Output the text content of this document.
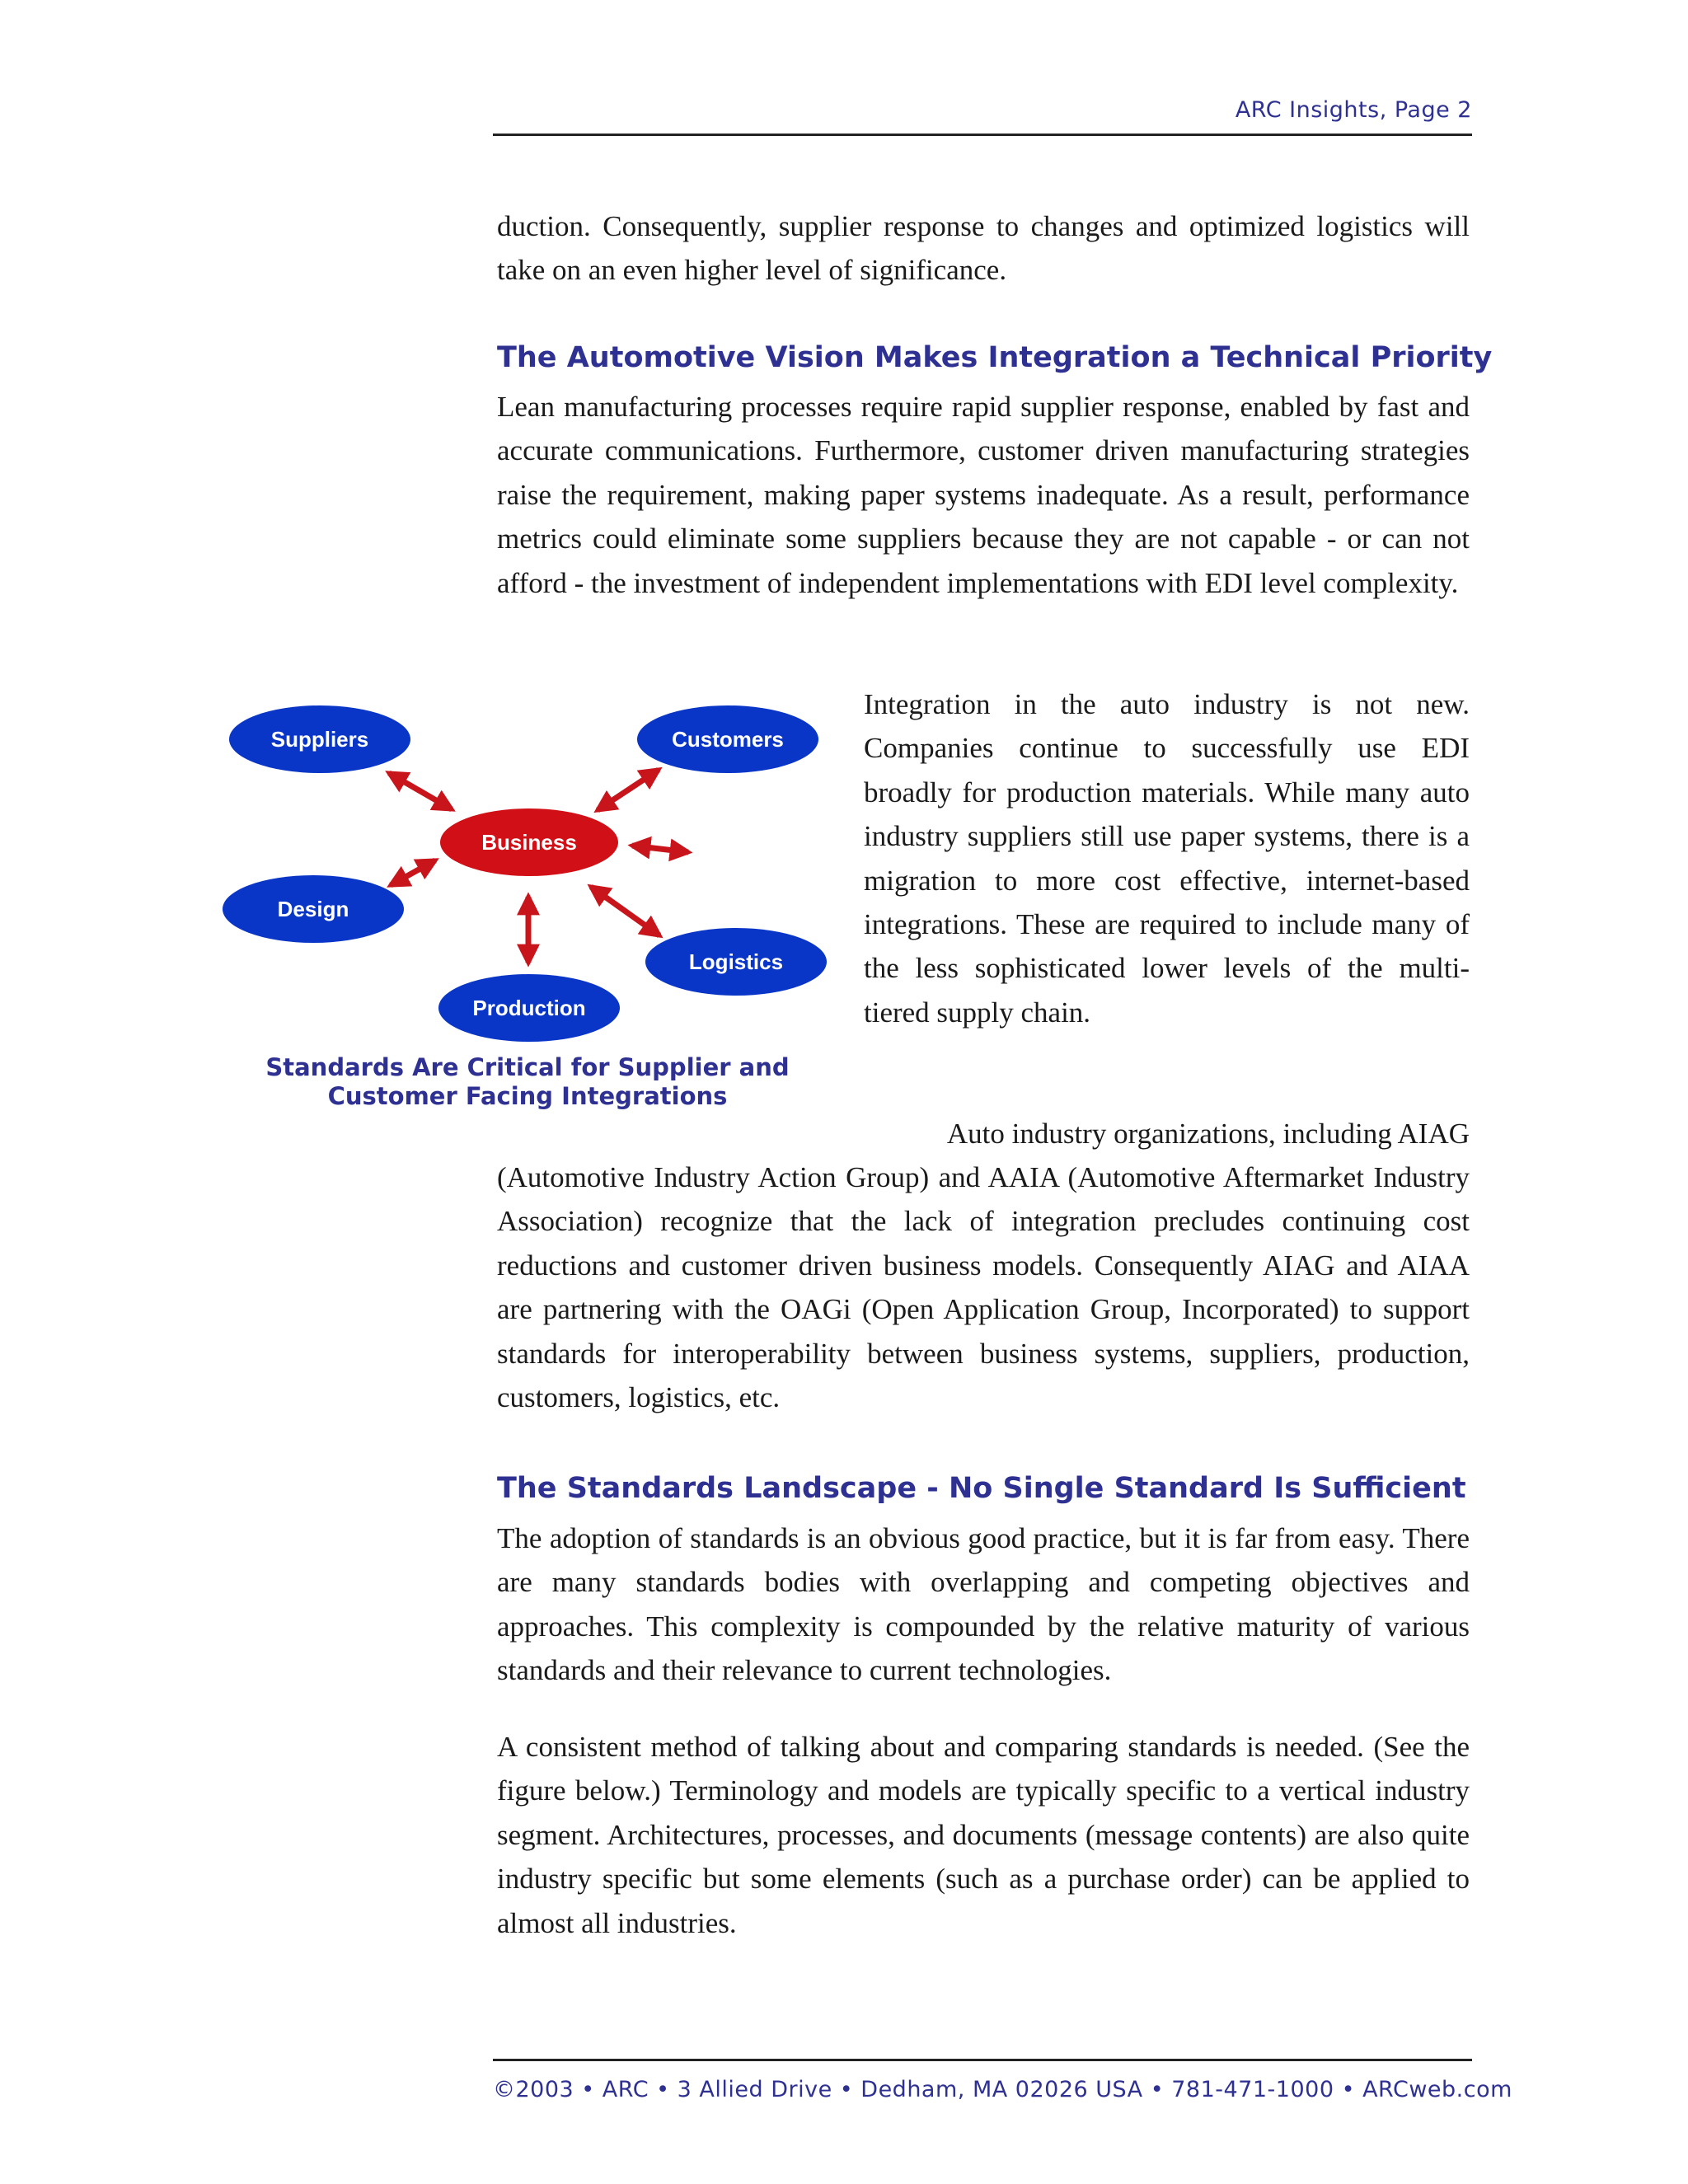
ARC Insights, Page 2

duction. Consequently, supplier response to changes and optimized logistics will take on an even higher level of significance.

The Automotive Vision Makes Integration a Technical Priority

Lean manufacturing processes require rapid supplier response, enabled by fast and accurate communications. Furthermore, customer driven manufacturing strategies raise the requirement, making paper systems inadequate. As a result, performance metrics could eliminate some suppliers because they are not capable - or can not afford - the investment of independent implementations with EDI level complexity.

Suppliers	Customers
Business
Design
Logistics
Production
Standards Are Critical for Supplier and
Customer Facing Integrations

Integration in the auto industry is not new. Companies continue to successfully use EDI broadly for production materials. While many auto industry suppliers still use paper systems, there is a migration to more cost effective, internet-based integrations. These are required to include many of the less sophisticated lower levels of the multi-tiered supply chain.

Auto industry organizations, including AIAG

(Automotive Industry Action Group) and AAIA (Automotive Aftermarket Industry Association) recognize that the lack of integration precludes continuing cost reductions and customer driven business models. Consequently AIAG and AIAA are partnering with the OAGi (Open Application Group, Incorporated) to support standards for interoperability between business systems, suppliers, production, customers, logistics, etc.

The Standards Landscape - No Single Standard Is Sufficient

The adoption of standards is an obvious good practice, but it is far from easy. There are many standards bodies with overlapping and competing objectives and approaches. This complexity is compounded by the relative maturity of various standards and their relevance to current technologies.

A consistent method of talking about and comparing standards is needed. (See the figure below.) Terminology and models are typically specific to a vertical industry segment. Architectures, processes, and documents (message contents) are also quite industry specific but some elements (such as a purchase order) can be applied to almost all industries.

©2003 • ARC • 3 Allied Drive • Dedham, MA 02026 USA • 781-471-1000 • ARCweb.com
